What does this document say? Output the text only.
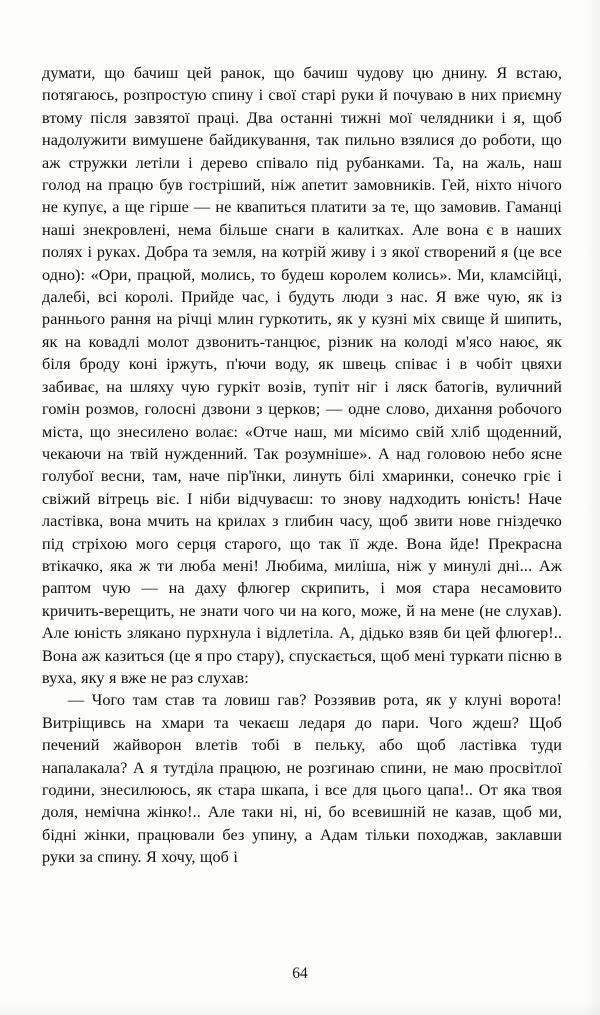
думати, що бачиш цей ранок, що бачиш чудову цю днину. Я встаю, потягаюсь, розпростую спину і свої старі руки й почуваю в них приємну втому після завзятої праці. Два останні тижні мої челядники і я, щоб надолужити вимушене байдикування, так пильно взялися до роботи, що аж стружки летіли і дерево співало під рубанками. Та, на жаль, наш голод на працю був гострiший, ніж апетит замовників. Гей, ніхто нічого не купує, а ще гірше — не квапиться платити за те, що замовив. Гаманці наші знекровлені, нема більше снаги в калитках. Але вона є в наших полях і руках. Добра та земля, на котрій живу і з якої створений я (це все одно): «Ори, працюй, молись, то будеш королем колись». Ми, кламсійці, далебі, всі королі. Прийде час, і будуть люди з нас. Я вже чую, як із раннього рання на річці млин гуркотить, як у кузні міх свище й шипить, як на ковадлі молот дзвонить-танцює, різник на колоді м'ясо наює, як біля броду коні іржуть, п'ючи воду, як швець співає і в чобіт цвяхи забиває, на шляху чую гуркіт возів, тупіт ніг і ляск батогів, вуличний гомін розмов, голосні дзвони з церков; — одне слово, дихання робочого міста, що знесилено волає: «Отче наш, ми місимо свій хліб щоденний, чекаючи на твій нужденний. Так розумніше». А над головою небо ясне голубої весни, там, наче пір'їнки, линуть білі хмаринки, сонечко гріє і свіжий вітрець віє. І ніби відчуваєш: то знову надходить юність! Наче ластівка, вона мчить на крилах з глибин часу, щоб звити нове гніздечко під стріхою мого серця старого, що так її жде. Вона йде! Прекрасна втікачко, яка ж ти люба мені! Любима, миліша, ніж у минулі дні... Аж раптом чую — на даху флюгер скрипить, і моя стара несамовито кричить-верещить, не знати чого чи на кого, може, й на мене (не слухав). Але юність злякано пурхнула і відлетіла. А, дідько взяв би цей флюгер!.. Вона аж казиться (це я про стару), спускається, щоб мені туркати пісню в вуха, яку я вже не раз слухав:

— Чого там став та ловиш гав? Роззявив рота, як у клуні ворота! Витріщивсь на хмари та чекаєш ледаря до пари. Чого ждеш? Щоб печений жайворон влетів тобі в пельку, або щоб ластівка туди напалакала? А я тутділа працюю, не розгинаю спини, не маю просвітлої години, знесилююсь, як стара шкапа, і все для цього цапа!.. От яка твоя доля, немічна жінко!.. Але таки ні, ні, бо всевишній не казав, щоб ми, бідні жінки, працювали без упину, а Адам тільки походжав, заклавши руки за спину. Я хочу, щоб і

64
